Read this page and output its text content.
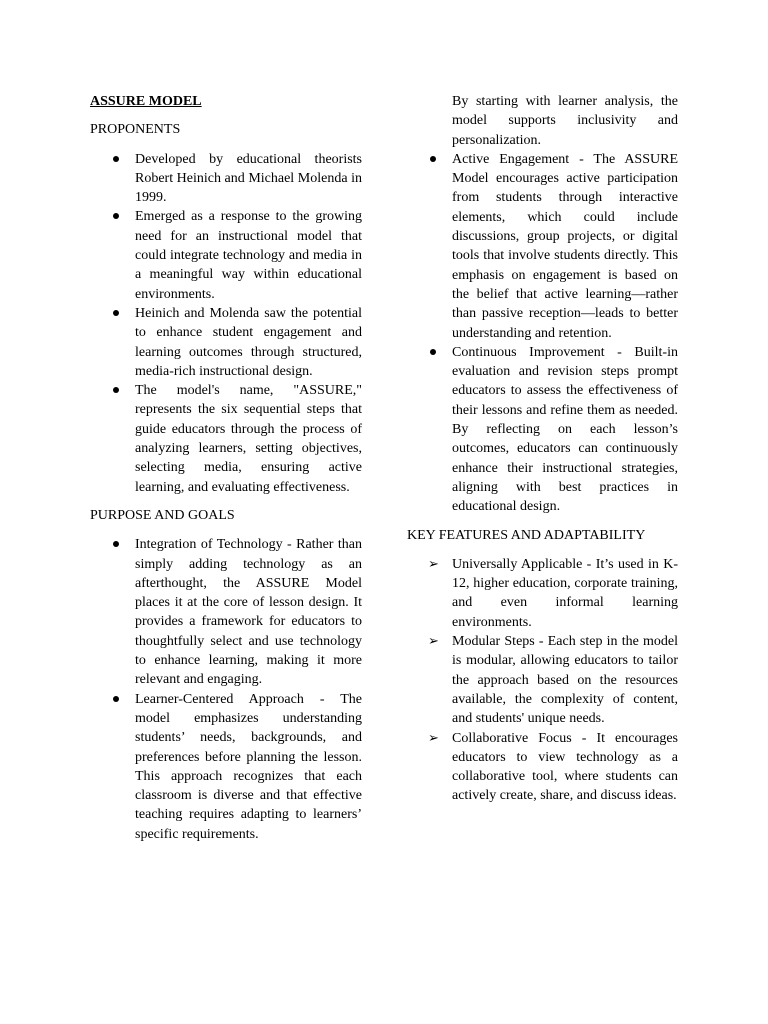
ASSURE MODEL
PROPONENTS
Developed by educational theorists Robert Heinich and Michael Molenda in 1999.
Emerged as a response to the growing need for an instructional model that could integrate technology and media in a meaningful way within educational environments.
Heinich and Molenda saw the potential to enhance student engagement and learning outcomes through structured, media-rich instructional design.
The model's name, "ASSURE," represents the six sequential steps that guide educators through the process of analyzing learners, setting objectives, selecting media, ensuring active learning, and evaluating effectiveness.
PURPOSE AND GOALS
Integration of Technology - Rather than simply adding technology as an afterthought, the ASSURE Model places it at the core of lesson design. It provides a framework for educators to thoughtfully select and use technology to enhance learning, making it more relevant and engaging.
Learner-Centered Approach - The model emphasizes understanding students’ needs, backgrounds, and preferences before planning the lesson. This approach recognizes that each classroom is diverse and that effective teaching requires adapting to learners’ specific requirements.
By starting with learner analysis, the model supports inclusivity and personalization.
Active Engagement - The ASSURE Model encourages active participation from students through interactive elements, which could include discussions, group projects, or digital tools that involve students directly. This emphasis on engagement is based on the belief that active learning—rather than passive reception—leads to better understanding and retention.
Continuous Improvement - Built-in evaluation and revision steps prompt educators to assess the effectiveness of their lessons and refine them as needed. By reflecting on each lesson’s outcomes, educators can continuously enhance their instructional strategies, aligning with best practices in educational design.
KEY FEATURES AND ADAPTABILITY
➢ Universally Applicable - It’s used in K-12, higher education, corporate training, and even informal learning environments.
➢ Modular Steps - Each step in the model is modular, allowing educators to tailor the approach based on the resources available, the complexity of content, and students' unique needs.
➢ Collaborative Focus - It encourages educators to view technology as a collaborative tool, where students can actively create, share, and discuss ideas.
